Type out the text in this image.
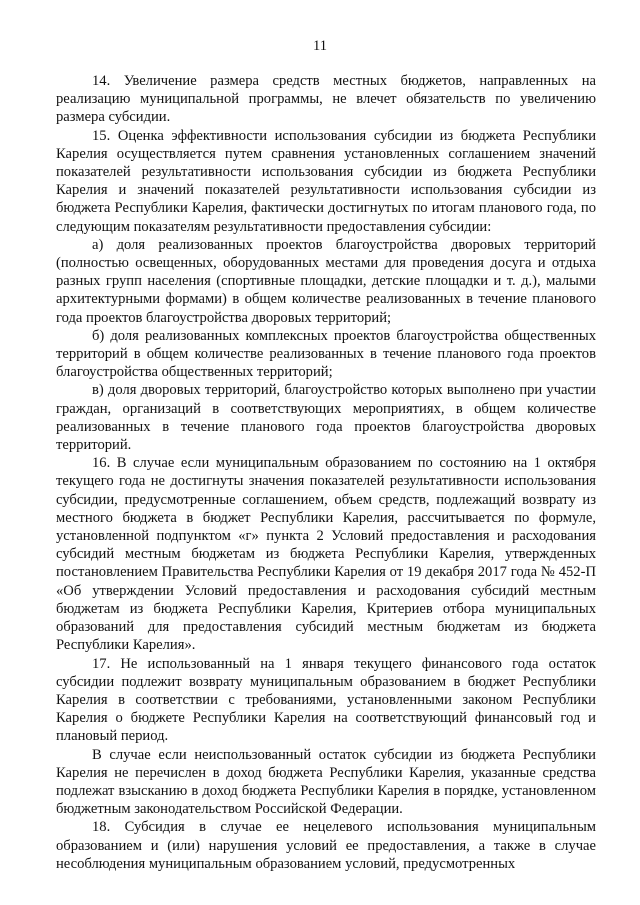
11

14. Увеличение размера средств местных бюджетов, направленных на реализацию муниципальной программы, не влечет обязательств по увеличению размера субсидии.

15. Оценка эффективности использования субсидии из бюджета Республики Карелия осуществляется путем сравнения установленных соглашением значений показателей результативности использования субсидии из бюджета Республики Карелия и значений показателей результативности использования субсидии из бюджета Республики Карелия, фактически достигнутых по итогам планового года, по следующим показателям результативности предоставления субсидии:

а) доля реализованных проектов благоустройства дворовых территорий (полностью освещенных, оборудованных местами для проведения досуга и отдыха разных групп населения (спортивные площадки, детские площадки и т. д.), малыми архитектурными формами) в общем количестве реализованных в течение планового года проектов благоустройства дворовых территорий;

б) доля реализованных комплексных проектов благоустройства общественных территорий в общем количестве реализованных в течение планового года проектов благоустройства общественных территорий;

в) доля дворовых территорий, благоустройство которых выполнено при участии граждан, организаций в соответствующих мероприятиях, в общем количестве реализованных в течение планового года проектов благоустройства дворовых территорий.

16. В случае если муниципальным образованием по состоянию на 1 октября текущего года не достигнуты значения показателей результативности использования субсидии, предусмотренные соглашением, объем средств, подлежащий возврату из местного бюджета в бюджет Республики Карелия, рассчитывается по формуле, установленной подпунктом «г» пункта 2 Условий предоставления и расходования субсидий местным бюджетам из бюджета Республики Карелия, утвержденных постановлением Правительства Республики Карелия от 19 декабря 2017 года № 452-П «Об утверждении Условий предоставления и расходования субсидий местным бюджетам из бюджета Республики Карелия, Критериев отбора муниципальных образований для предоставления субсидий местным бюджетам из бюджета Республики Карелия».

17. Не использованный на 1 января текущего финансового года остаток субсидии подлежит возврату муниципальным образованием в бюджет Республики Карелия в соответствии с требованиями, установленными законом Республики Карелия о бюджете Республики Карелия на соответствующий финансовый год и плановый период.

В случае если неиспользованный остаток субсидии из бюджета Республики Карелия не перечислен в доход бюджета Республики Карелия, указанные средства подлежат взысканию в доход бюджета Республики Карелия в порядке, установленном бюджетным законодательством Российской Федерации.

18. Субсидия в случае ее нецелевого использования муниципальным образованием и (или) нарушения условий ее предоставления, а также в случае несоблюдения муниципальным образованием условий, предусмотренных
